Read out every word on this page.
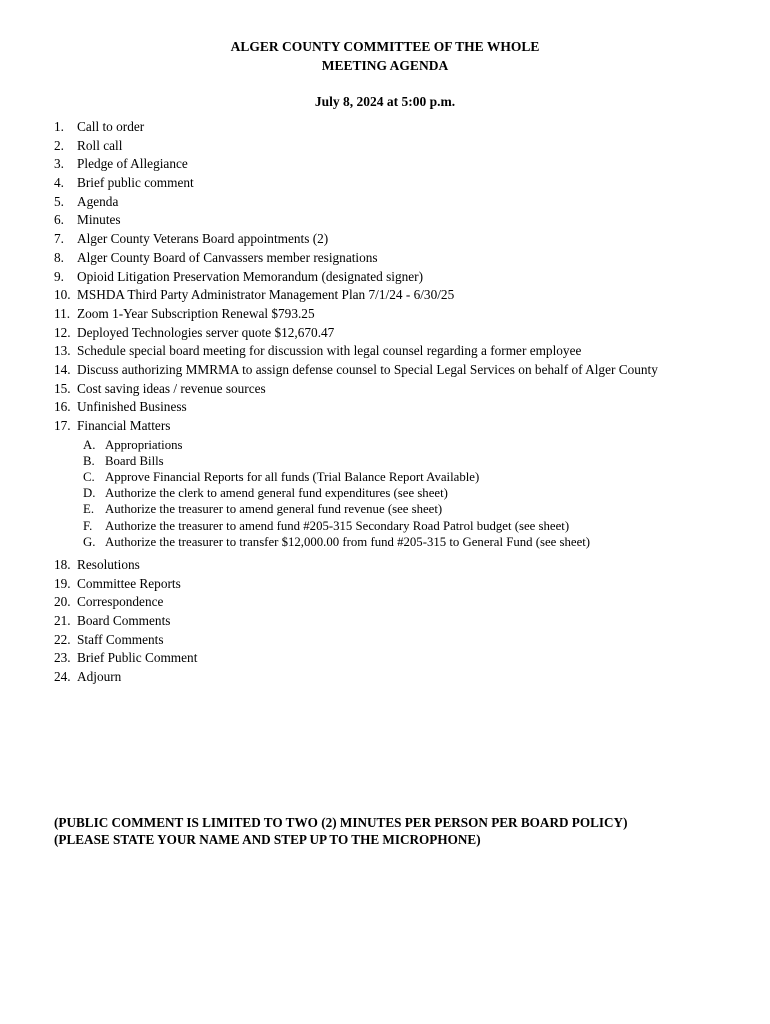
ALGER COUNTY COMMITTEE OF THE WHOLE
MEETING AGENDA
July 8, 2024 at 5:00 p.m.
1. Call to order
2. Roll call
3. Pledge of Allegiance
4. Brief public comment
5. Agenda
6. Minutes
7. Alger County Veterans Board appointments (2)
8. Alger County Board of Canvassers member resignations
9. Opioid Litigation Preservation Memorandum (designated signer)
10. MSHDA Third Party Administrator Management Plan 7/1/24 - 6/30/25
11. Zoom 1-Year Subscription Renewal $793.25
12. Deployed Technologies server quote $12,670.47
13. Schedule special board meeting for discussion with legal counsel regarding a former employee
14. Discuss authorizing MMRMA to assign defense counsel to Special Legal Services on behalf of Alger County
15. Cost saving ideas / revenue sources
16. Unfinished Business
17. Financial Matters
A. Appropriations
B. Board Bills
C. Approve Financial Reports for all funds (Trial Balance Report Available)
D. Authorize the clerk to amend general fund expenditures (see sheet)
E. Authorize the treasurer to amend general fund revenue (see sheet)
F. Authorize the treasurer to amend fund #205-315 Secondary Road Patrol budget (see sheet)
G. Authorize the treasurer to transfer $12,000.00 from fund #205-315 to General Fund (see sheet)
18. Resolutions
19. Committee Reports
20. Correspondence
21. Board Comments
22. Staff Comments
23. Brief Public Comment
24. Adjourn
(PUBLIC COMMENT IS LIMITED TO TWO (2) MINUTES PER PERSON PER BOARD POLICY)
(PLEASE STATE YOUR NAME AND STEP UP TO THE MICROPHONE)
